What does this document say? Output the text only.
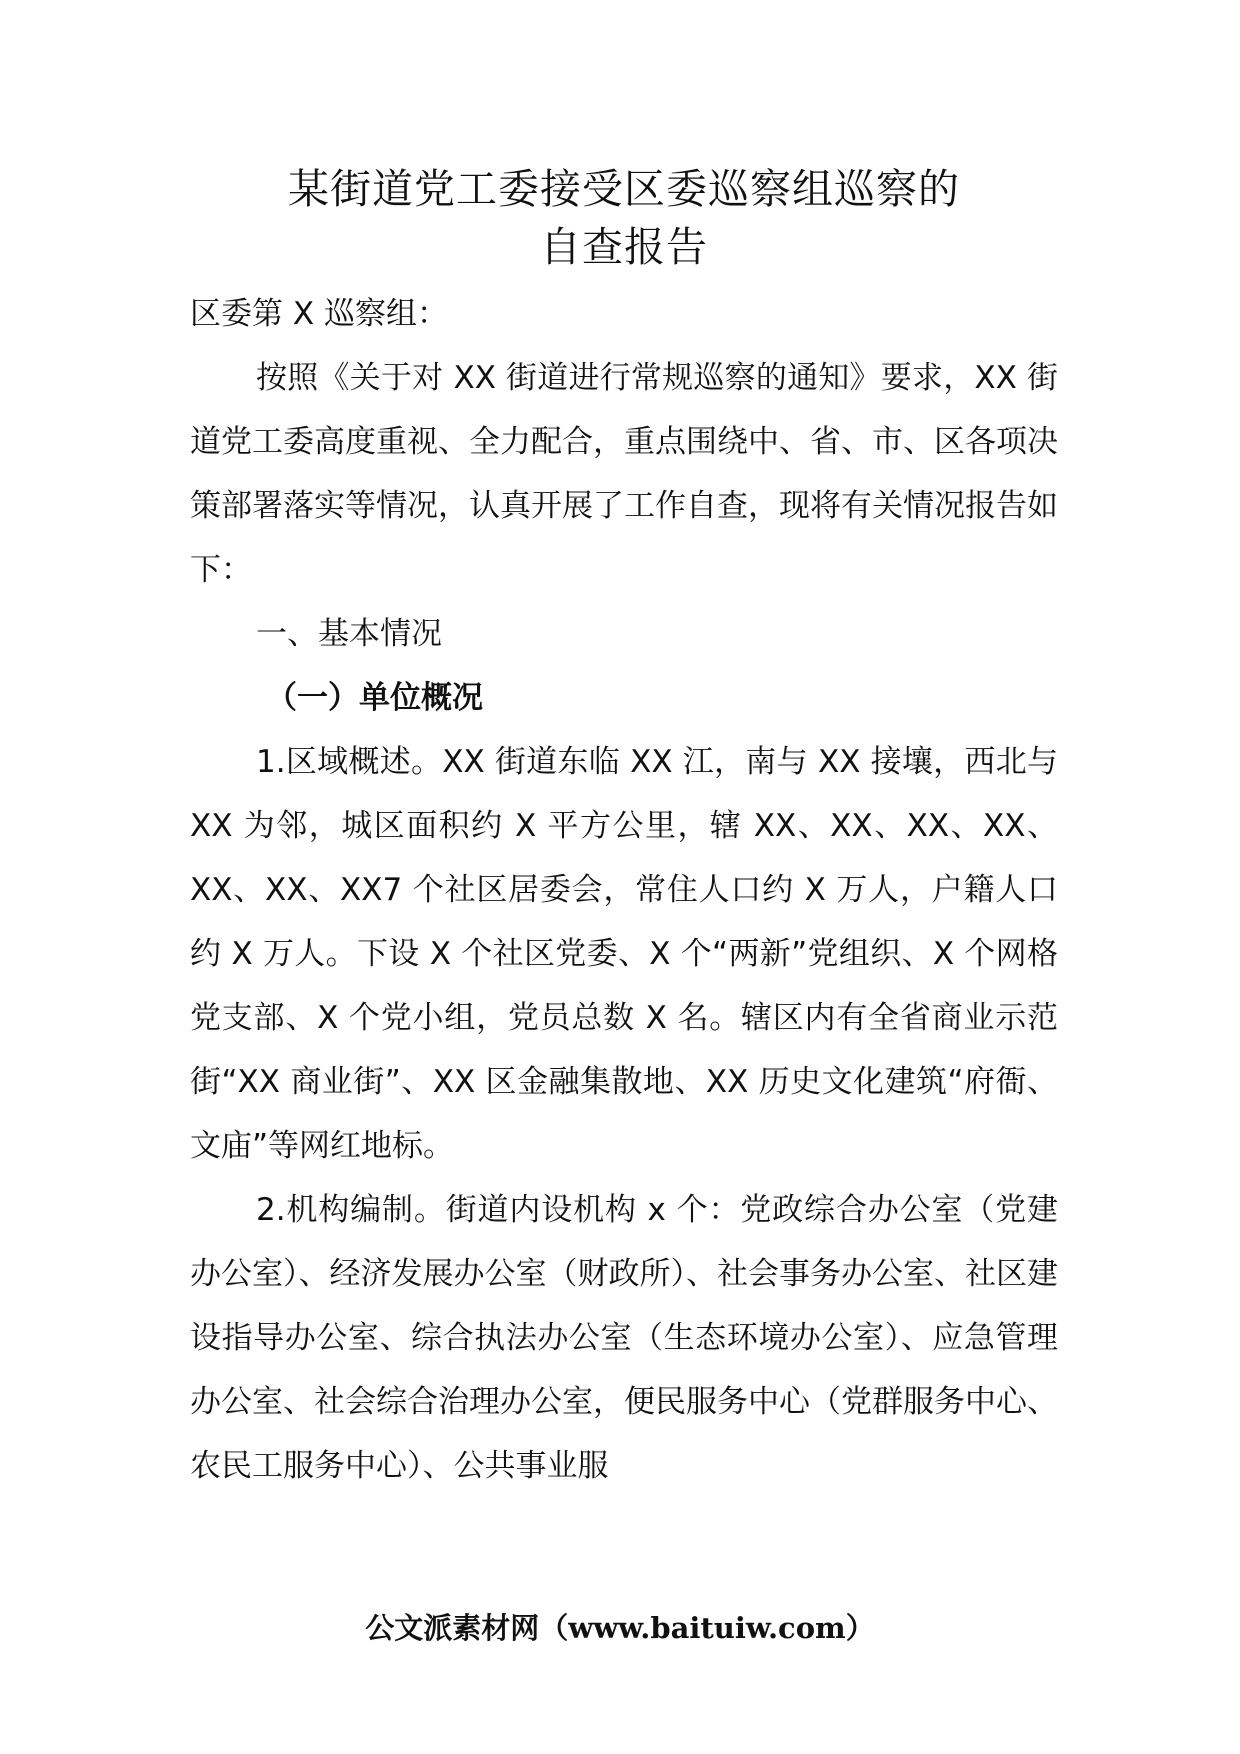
某街道党工委接受区委巡察组巡察的
自查报告

区委第 X 巡察组：

按照《关于对 XX 街道进行常规巡察的通知》要求，XX 街道党工委高度重视、全力配合，重点围绕中、省、市、区各项决策部署落实等情况，认真开展了工作自查，现将有关情况报告如下：

一、基本情况

（一）单位概况

1.区域概述。XX 街道东临 XX 江，南与 XX 接壤，西北与 XX 为邻，城区面积约 X 平方公里，辖 XX、XX、XX、XX、XX、XX、XX7 个社区居委会，常住人口约 X 万人，户籍人口约 X 万人。下设 X 个社区党委、X 个“两新”党组织、X 个网格党支部、X 个党小组，党员总数 X 名。辖区内有全省商业示范街“XX 商业街”、XX 区金融集散地、XX 历史文化建筑“府衙、文庙”等网红地标。

2.机构编制。街道内设机构 x 个：党政综合办公室（党建办公室）、经济发展办公室（财政所）、社会事务办公室、社区建设指导办公室、综合执法办公室（生态环境办公室）、应急管理办公室、社会综合治理办公室，便民服务中心（党群服务中心、农民工服务中心）、公共事业服

公文派素材网（www.baituiw.com）
